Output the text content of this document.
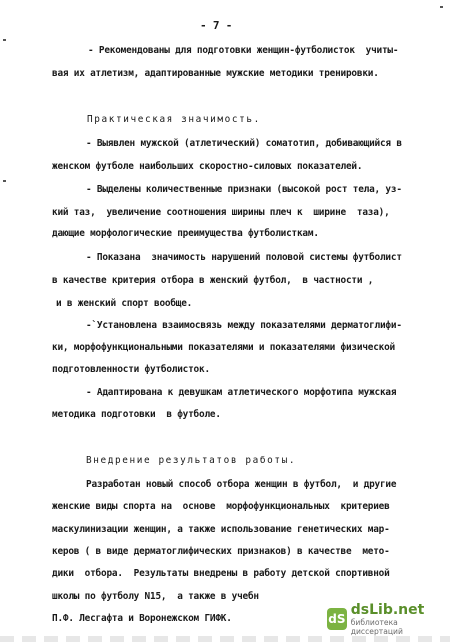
- 7 -
- Рекомендованы для подготовки женщин-футболисток  учиты-
вая их атлетизм, адаптированные мужские методики тренировки.
Практическая значимость.
- Выявлен мужской (атлетический) соматотип, добивающийся в
женском футболе наибольших скоростно-силовых показателей.
- Выделены количественные признаки (высокой рост тела, уз-
кий таз,  увеличение соотношения ширины плеч к  ширине  таза),
дающие морфологические преимущества футболисткам.
- Показана  значимость нарушений половой системы футболист
в качестве критерия отбора в женский футбол,  в частности ,
и в женский спорт вообще.
-`Установлена взаимосвязь между показателями дерматоглифи-
ки, морфофункциональными показателями и показателями физической
подготовленности футболисток.
- Адаптирована к девушкам атлетического морфотипа мужская
методика подготовки  в футболе.
Внедрение результатов работы.
Разработан новый способ отбора женщин в футбол,  и другие
женские виды спорта на  основе  морфофункциональных  критериев
маскулинизации женщин, а также использование генетических мар-
керов ( в виде дерматоглифических признаков) в качестве  мето-
дики  отбора.  Результаты внедрены в работу детской спортивной
школы по футболу N15,  а также в учебн
П.Ф. Лесгафта и Воронежском ГИФК.	dS
dsLib.net
библиотека диссертаций
